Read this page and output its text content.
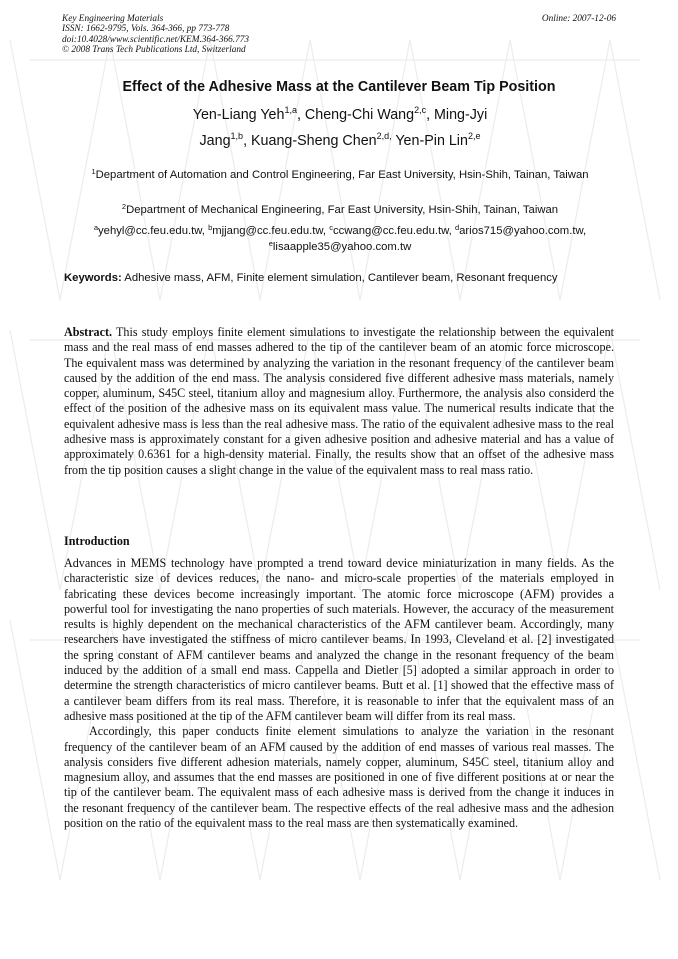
Key Engineering Materials
ISSN: 1662-9795, Vols. 364-366, pp 773-778
doi:10.4028/www.scientific.net/KEM.364-366.773
© 2008 Trans Tech Publications Ltd, Switzerland
Online: 2007-12-06
Effect of the Adhesive Mass at the Cantilever Beam Tip Position
Yen-Liang Yeh$^{1,a}$, Cheng-Chi Wang$^{2,c}$, Ming-Jyi
Jang$^{1,b}$, Kuang-Sheng Chen$^{2,d,}$ Yen-Pin Lin$^{2,e}$
$^1$Department of Automation and Control Engineering, Far East University, Hsin-Shih, Tainan, Taiwan
$^2$Department of Mechanical Engineering, Far East University, Hsin-Shih, Tainan, Taiwan
$^a$yehyl@cc.feu.edu.tw, $^b$mjjang@cc.feu.edu.tw, $^c$ccwang@cc.feu.edu.tw, $^d$arios715@yahoo.com.tw,
$^e$lisaapple35@yahoo.com.tw
Keywords: Adhesive mass, AFM, Finite element simulation, Cantilever beam, Resonant frequency

Abstract. This study employs finite element simulations to investigate the relationship between the equivalent mass and the real mass of end masses adhered to the tip of the cantilever beam of an atomic force microscope. The equivalent mass was determined by analyzing the variation in the resonant frequency of the cantilever beam caused by the addition of the end mass. The analysis considered five different adhesive mass materials, namely copper, aluminum, S45C steel, titanium alloy and magnesium alloy. Furthermore, the analysis also considerd the effect of the position of the adhesive mass on its equivalent mass value. The numerical results indicate that the equivalent adhesive mass is less than the real adhesive mass. The ratio of the equivalent adhesive mass to the real adhesive mass is approximately constant for a given adhesive position and adhesive material and has a value of approximately 0.6361 for a high-density material. Finally, the results show that an offset of the adhesive mass from the tip position causes a slight change in the value of the equivalent mass to real mass ratio.

Introduction

Advances in MEMS technology have prompted a trend toward device miniaturization in many fields. As the characteristic size of devices reduces, the nano- and micro-scale properties of the materials employed in fabricating these devices become increasingly important. The atomic force microscope (AFM) provides a powerful tool for investigating the nano properties of such materials. However, the accuracy of the measurement results is highly dependent on the mechanical characteristics of the AFM cantilever beam. Accordingly, many researchers have investigated the stiffness of micro cantilever beams. In 1993, Cleveland et al. [2] investigated the spring constant of AFM cantilever beams and analyzed the change in the resonant frequency of the beam induced by the addition of a small end mass. Cappella and Dietler [5] adopted a similar approach in order to determine the strength characteristics of micro cantilever beams. Butt et al. [1] showed that the effective mass of a cantilever beam differs from its real mass. Therefore, it is reasonable to infer that the equivalent mass of an adhesive mass positioned at the tip of the AFM cantilever beam will differ from its real mass.

Accordingly, this paper conducts finite element simulations to analyze the variation in the resonant frequency of the cantilever beam of an AFM caused by the addition of end masses of various real masses. The analysis considers five different adhesion materials, namely copper, aluminum, S45C steel, titanium alloy and magnesium alloy, and assumes that the end masses are positioned in one of five different positions at or near the tip of the cantilever beam. The equivalent mass of each adhesive mass is derived from the change it induces in the resonant frequency of the cantilever beam. The respective effects of the real adhesive mass and the adhesion position on the ratio of the equivalent mass to the real mass are then systematically examined.
